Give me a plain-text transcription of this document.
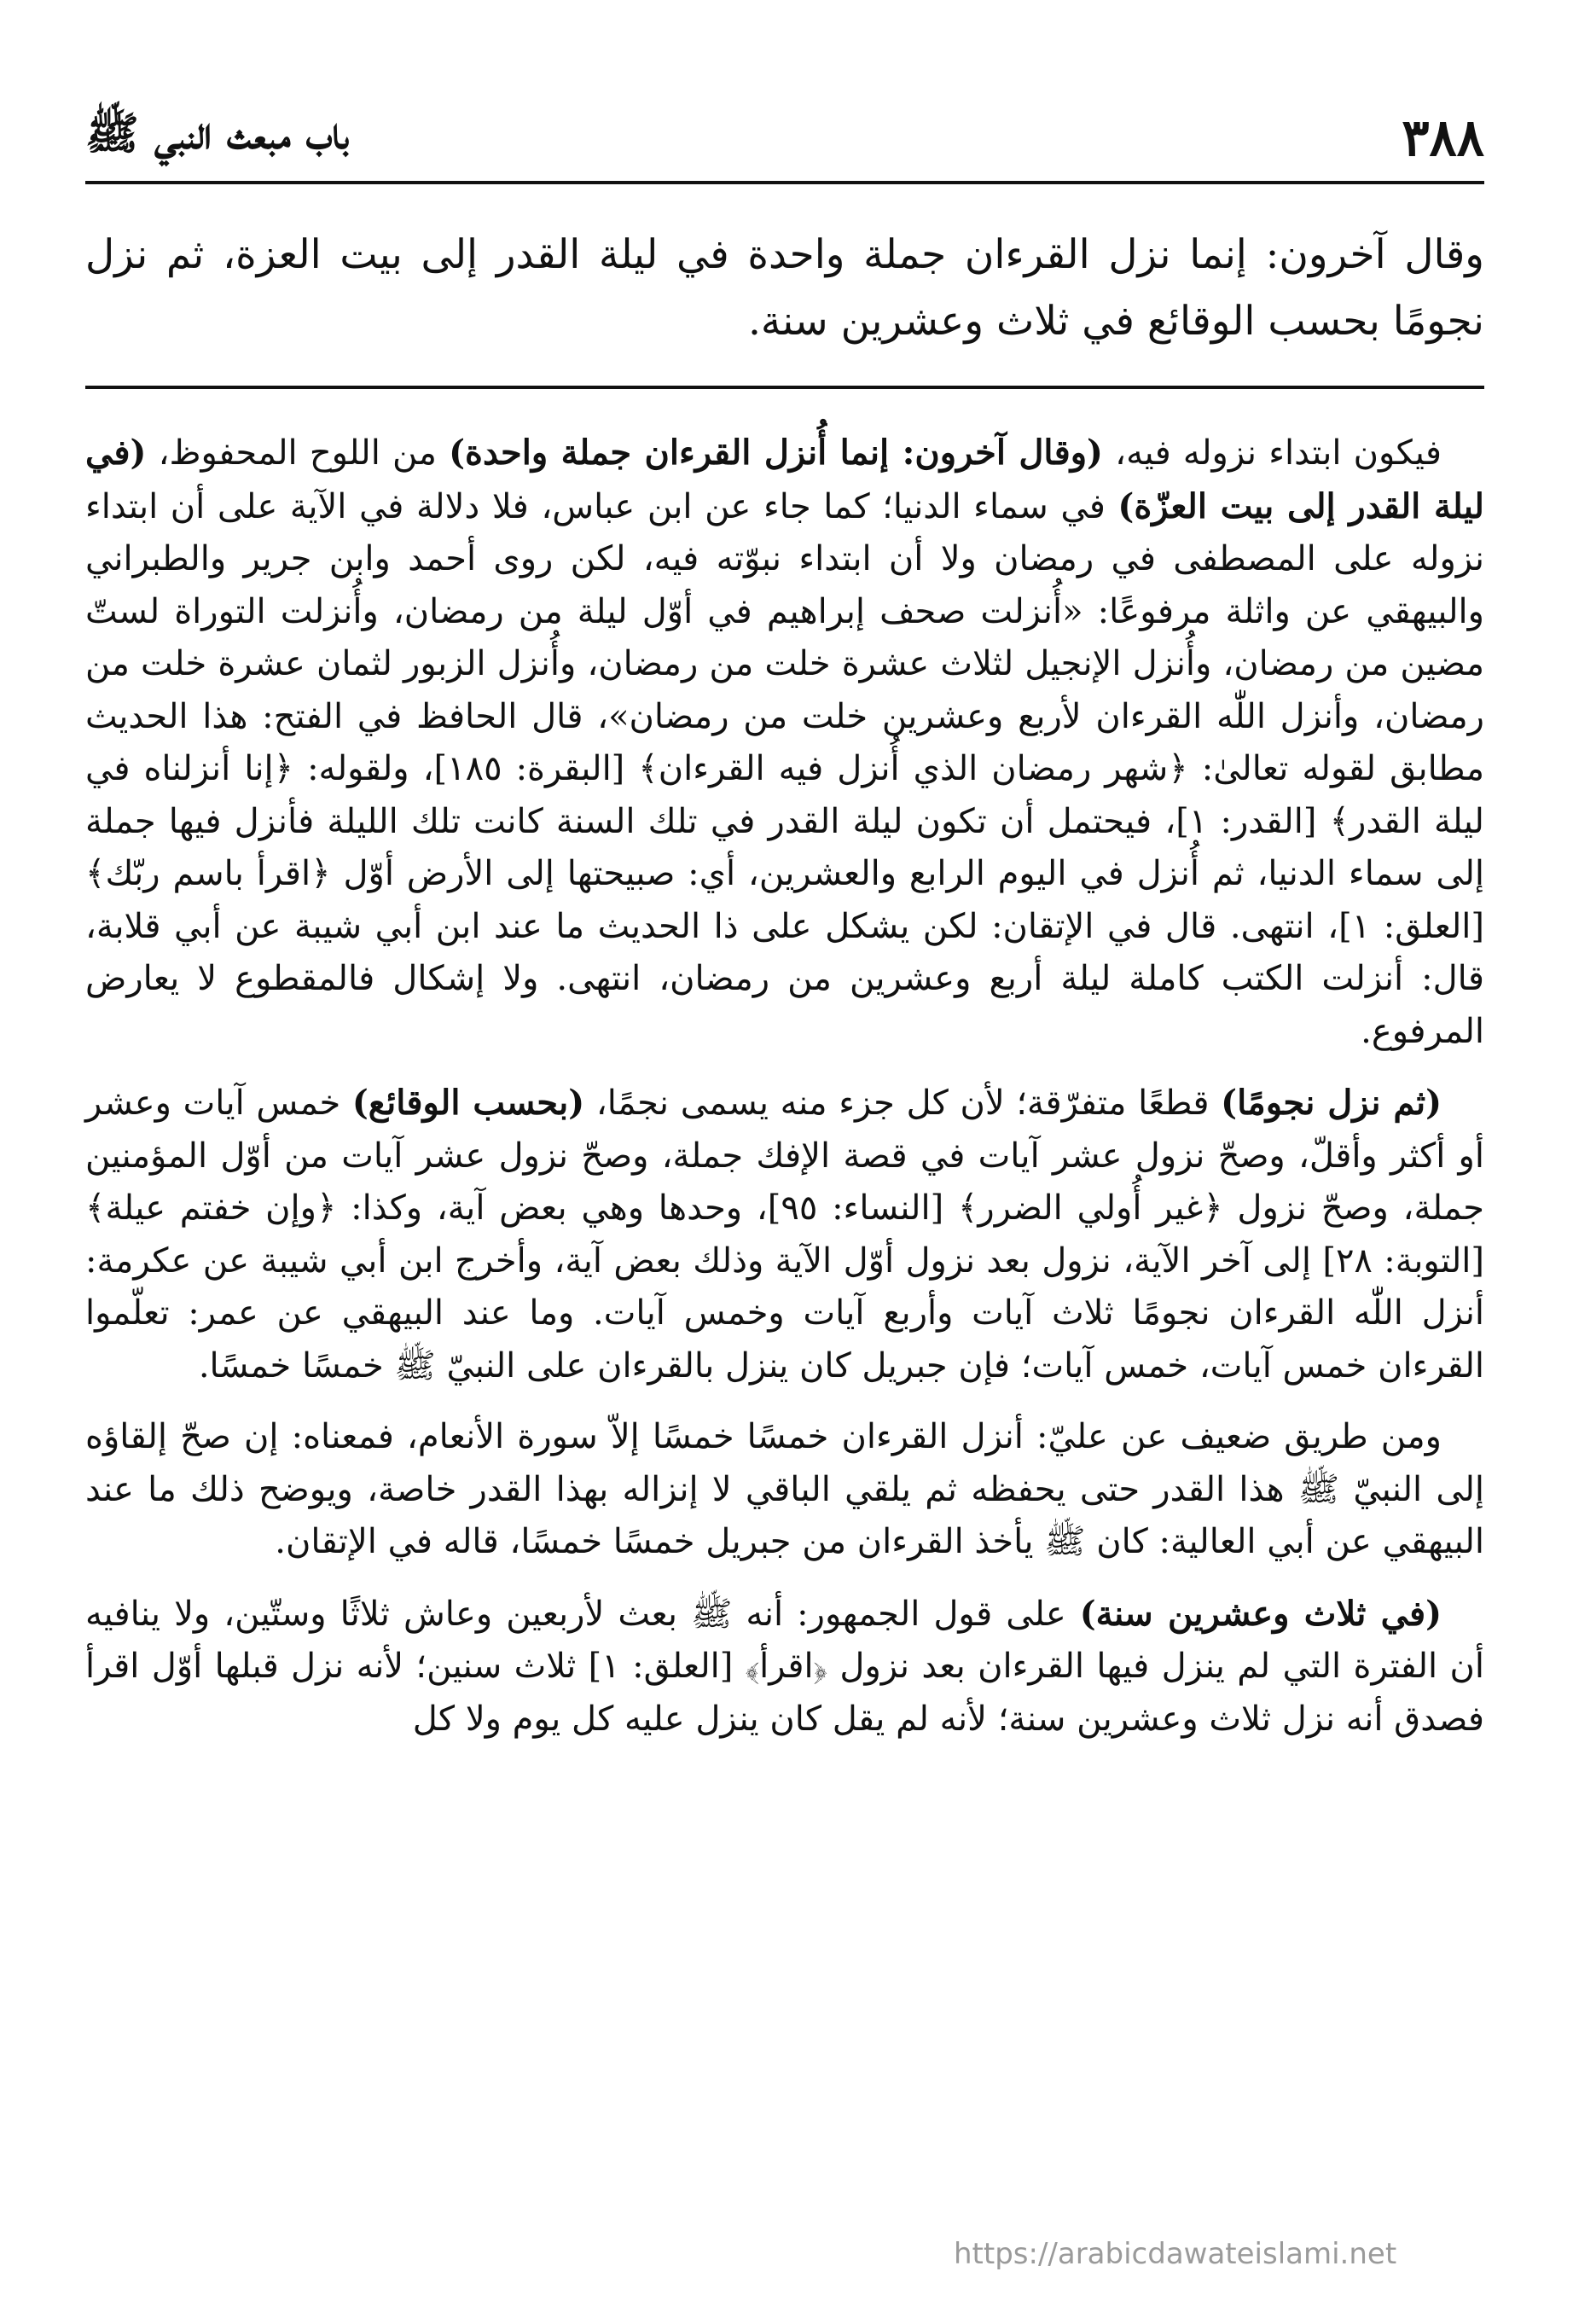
٣٨٨
باب مبعث النبي ﷺ
وقال آخرون: إنما نزل القرءان جملة واحدة في ليلة القدر إلى بيت العزة، ثم نزل نجومًا بحسب الوقائع في ثلاث وعشرين سنة.

فيكون ابتداء نزوله فيه، (وقال آخرون: إنما أُنزل القرءان جملة واحدة) من اللوح المحفوظ، (في ليلة القدر إلى بيت العزّة) في سماء الدنيا؛ كما جاء عن ابن عباس، فلا دلالة في الآية على أن ابتداء نزوله على المصطفى في رمضان ولا أن ابتداء نبوّته فيه، لكن روى أحمد وابن جرير والطبراني والبيهقي عن واثلة مرفوعًا: «أُنزلت صحف إبراهيم في أوّل ليلة من رمضان، وأُنزلت التوراة لستّ مضين من رمضان، وأُنزل الإنجيل لثلاث عشرة خلت من رمضان، وأُنزل الزبور لثمان عشرة خلت من رمضان، وأنزل اللّٰه القرءان لأربع وعشرين خلت من رمضان»، قال الحافظ في الفتح: هذا الحديث مطابق لقوله تعالىٰ: ﴿شهر رمضان الذي أُنزل فيه القرءان﴾ [البقرة: ١٨٥]، ولقوله: ﴿إنا أنزلناه في ليلة القدر﴾ [القدر: ١]، فيحتمل أن تكون ليلة القدر في تلك السنة كانت تلك الليلة فأنزل فيها جملة إلى سماء الدنيا، ثم أُنزل في اليوم الرابع والعشرين، أي: صبيحتها إلى الأرض أوّل ﴿اقرأ باسم ربّك﴾ [العلق: ١]، انتهى. قال في الإتقان: لكن يشكل على ذا الحديث ما عند ابن أبي شيبة عن أبي قلابة، قال: أنزلت الكتب كاملة ليلة أربع وعشرين من رمضان، انتهى. ولا إشكال فالمقطوع لا يعارض المرفوع.

(ثم نزل نجومًا) قطعًا متفرّقة؛ لأن كل جزء منه يسمى نجمًا، (بحسب الوقائع) خمس آيات وعشر أو أكثر وأقلّ، وصحّ نزول عشر آيات في قصة الإفك جملة، وصحّ نزول عشر آيات من أوّل المؤمنين جملة، وصحّ نزول ﴿غير أُولي الضرر﴾ [النساء: ٩٥]، وحدها وهي بعض آية، وكذا: ﴿وإن خفتم عيلة﴾ [التوبة: ٢٨] إلى آخر الآية، نزول بعد نزول أوّل الآية وذلك بعض آية، وأخرج ابن أبي شيبة عن عكرمة: أنزل اللّٰه القرءان نجومًا ثلاث آيات وأربع آيات وخمس آيات. وما عند البيهقي عن عمر: تعلّموا القرءان خمس آيات، خمس آيات؛ فإن جبريل كان ينزل بالقرءان على النبيّ ﷺ خمسًا خمسًا.

ومن طريق ضعيف عن عليّ: أنزل القرءان خمسًا خمسًا إلاّ سورة الأنعام، فمعناه: إن صحّ إلقاؤه إلى النبيّ ﷺ هذا القدر حتى يحفظه ثم يلقي الباقي لا إنزاله بهذا القدر خاصة، ويوضح ذلك ما عند البيهقي عن أبي العالية: كان ﷺ يأخذ القرءان من جبريل خمسًا خمسًا، قاله في الإتقان.

(في ثلاث وعشرين سنة) على قول الجمهور: أنه ﷺ بعث لأربعين وعاش ثلاثًا وستّين، ولا ينافيه أن الفترة التي لم ينزل فيها القرءان بعد نزول ﴿اقرأ﴾ [العلق: ١] ثلاث سنين؛ لأنه نزل قبلها أوّل اقرأ فصدق أنه نزل ثلاث وعشرين سنة؛ لأنه لم يقل كان ينزل عليه كل يوم ولا كل

https://arabicdawateislami.net
